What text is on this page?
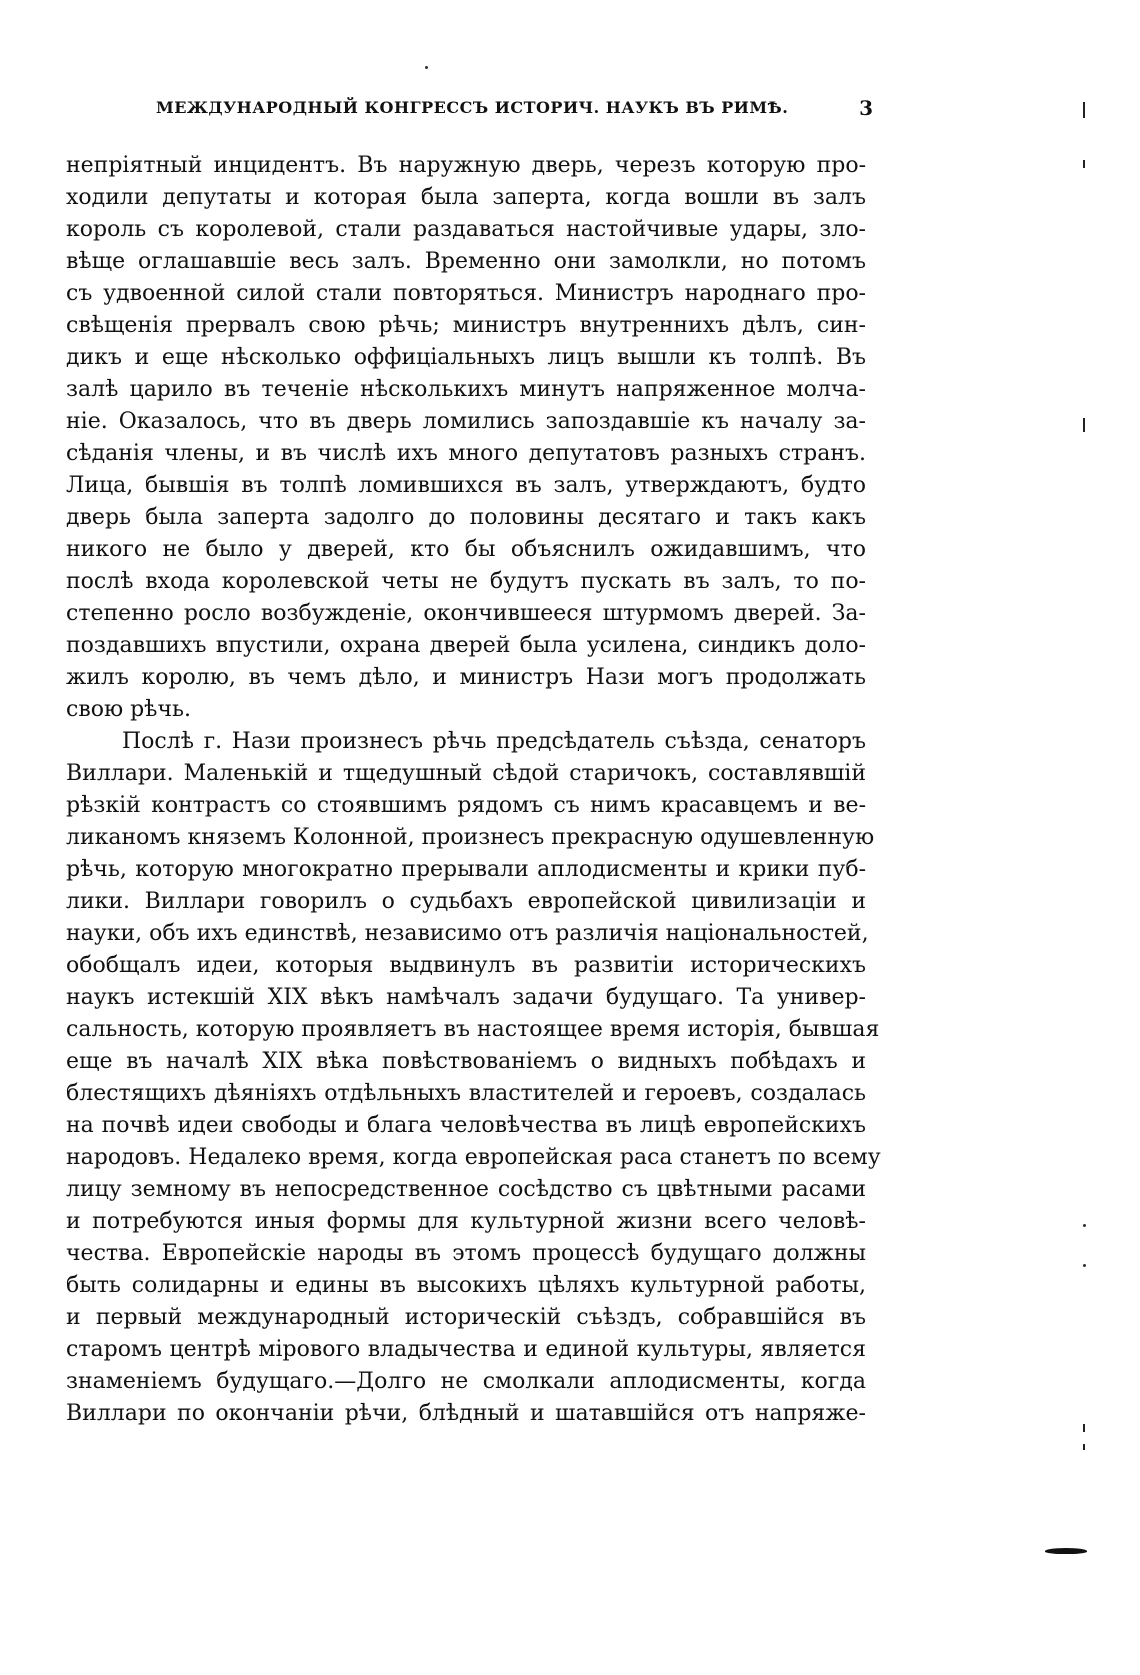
МЕЖДУНАРОДНЫЙ КОНГРЕССЪ ИСТОРИЧ. НАУКЪ ВЪ РИМѢ.	3
непріятный инцидентъ. Въ наружную дверь, черезъ которую про-
ходили депутаты и которая была заперта, когда вошли въ залъ
король съ королевой, стали раздаваться настойчивые удары, зло-
вѣще оглашавшіе весь залъ. Временно они замолкли, но потомъ
съ удвоенной силой стали повторяться. Министръ народнаго про-
свѣщенія прервалъ свою рѣчь; министръ внутреннихъ дѣлъ, син-
дикъ и еще нѣсколько оффиціальныхъ лицъ вышли къ толпѣ. Въ
залѣ царило въ теченіе нѣсколькихъ минутъ напряженное молча-
ніе. Оказалось, что въ дверь ломились запоздавшіе къ началу за-
сѣданія члены, и въ числѣ ихъ много депутатовъ разныхъ странъ.
Лица, бывшія въ толпѣ ломившихся въ залъ, утверждаютъ, будто
дверь была заперта задолго до половины десятаго и такъ какъ
никого не было у дверей, кто бы объяснилъ ожидавшимъ, что
послѣ входа королевской четы не будутъ пускать въ залъ, то по-
степенно росло возбужденіе, окончившееся штурмомъ дверей. За-
поздавшихъ впустили, охрана дверей была усилена, синдикъ доло-
жилъ королю, въ чемъ дѣло, и министръ Нази могъ продолжать
свою рѣчь.
Послѣ г. Нази произнесъ рѣчь предсѣдатель съѣзда, сенаторъ
Виллари. Маленькій и тщедушный сѣдой старичокъ, составлявшій
рѣзкій контрастъ со стоявшимъ рядомъ съ нимъ красавцемъ и ве-
ликаномъ княземъ Колонной, произнесъ прекрасную одушевленную
рѣчь, которую многократно прерывали аплодисменты и крики пуб-
лики. Виллари говорилъ о судьбахъ европейской цивилизаціи и
науки, объ ихъ единствѣ, независимо отъ различія національностей,
обобщалъ идеи, которыя выдвинулъ въ развитіи историческихъ
наукъ истекшій XIX вѣкъ намѣчалъ задачи будущаго. Та универ-
сальность, которую проявляетъ въ настоящее время исторія, бывшая
еще въ началѣ XIX вѣка повѣствованіемъ о видныхъ побѣдахъ и
блестящихъ дѣяніяхъ отдѣльныхъ властителей и героевъ, создалась
на почвѣ идеи свободы и блага человѣчества въ лицѣ европейскихъ
народовъ. Недалеко время, когда европейская раса станетъ по всему
лицу земному въ непосредственное сосѣдство съ цвѣтными расами
и потребуются иныя формы для культурной жизни всего человѣ-
чества. Европейскіе народы въ этомъ процессѣ будущаго должны
быть солидарны и едины въ высокихъ цѣляхъ культурной работы,
и первый международный историческій съѣздъ, собравшійся въ
старомъ центрѣ мірового владычества и единой культуры, является
знаменіемъ будущаго.—Долго не смолкали аплодисменты, когда
Виллари по окончаніи рѣчи, блѣдный и шатавшійся отъ напряже-
